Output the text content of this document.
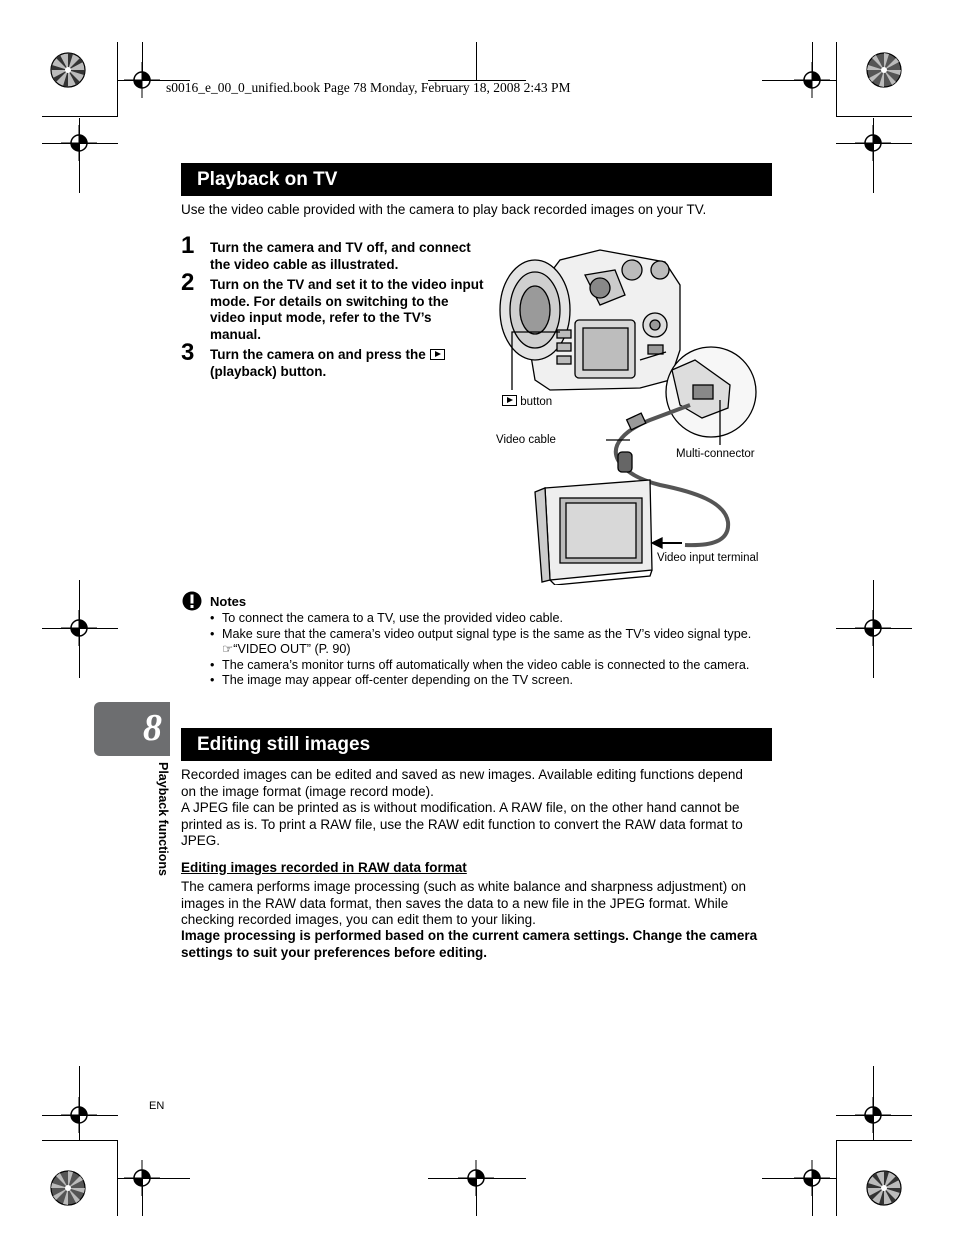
s0016_e_00_0_unified.book Page 78 Monday, February 18, 2008 2:43 PM
Playback on TV
Use the video cable provided with the camera to play back recorded images on your TV.
1 Turn the camera and TV off, and connect the video cable as illustrated.
2 Turn on the TV and set it to the video input mode. For details on switching to the video input mode, refer to the TV’s manual.
3 Turn the camera on and press the  (playback) button.
button
Video cable
Multi-connector
Video input terminal
Notes
• To connect the camera to a TV, use the provided video cable.
• Make sure that the camera’s video output signal type is the same as the TV’s video signal type. ☞“VIDEO OUT” (P. 90)
• The camera’s monitor turns off automatically when the video cable is connected to the camera.
• The image may appear off-center depending on the TV screen.
8
Playback functions
Editing still images
Recorded images can be edited and saved as new images. Available editing functions depend on the image format (image record mode).
A JPEG file can be printed as is without modification. A RAW file, on the other hand cannot be printed as is. To print a RAW file, use the RAW edit function to convert the RAW data format to JPEG.
Editing images recorded in RAW data format
The camera performs image processing (such as white balance and sharpness adjustment) on images in the RAW data format, then saves the data to a new file in the JPEG format. While checking recorded images, you can edit them to your liking.
Image processing is performed based on the current camera settings. Change the camera settings to suit your preferences before editing.
EN
